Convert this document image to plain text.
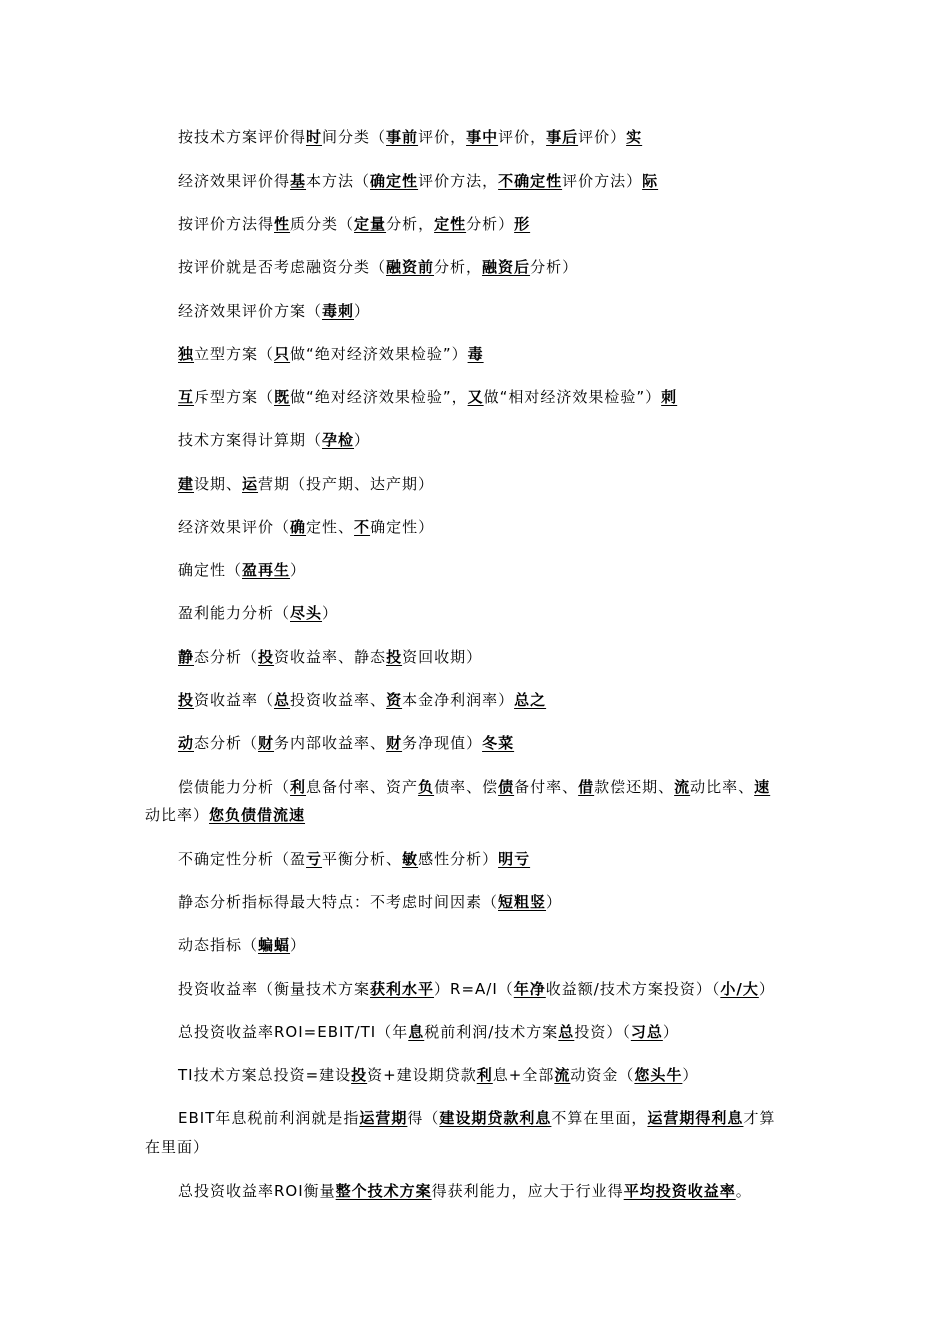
按技术方案评价得时间分类（事前评价，事中评价，事后评价）实
经济效果评价得基本方法（确定性评价方法，不确定性评价方法）际
按评价方法得性质分类（定量分析，定性分析）形
按评价就是否考虑融资分类（融资前分析，融资后分析）
经济效果评价方案（毒刺）
独立型方案（只做“绝对经济效果检验”）毒
互斥型方案（既做“绝对经济效果检验”，又做“相对经济效果检验”）刺
技术方案得计算期（孕检）
建设期、运营期（投产期、达产期）
经济效果评价（确定性、不确定性）
确定性（盈再生）
盈利能力分析（尽头）
静态分析（投资收益率、静态投资回收期）
投资收益率（总投资收益率、资本金净利润率）总之
动态分析（财务内部收益率、财务净现值）冬菜
偿债能力分析（利息备付率、资产负债率、偿债备付率、借款偿还期、流动比率、速
动比率）您负债借流速
不确定性分析（盈亏平衡分析、敏感性分析）明亏
静态分析指标得最大特点：不考虑时间因素（短粗竖）
动态指标（蝙蝠）
投资收益率（衡量技术方案获利水平）R=A/I（年净收益额/技术方案投资）（小/大）
总投资收益率ROI=EBIT/TI（年息税前利润/技术方案总投资）（习总）
TI技术方案总投资=建设投资+建设期贷款利息+全部流动资金（您头牛）
EBIT年息税前利润就是指运营期得（建设期贷款利息不算在里面，运营期得利息才算
在里面）
总投资收益率ROI衡量整个技术方案得获利能力，应大于行业得平均投资收益率。
